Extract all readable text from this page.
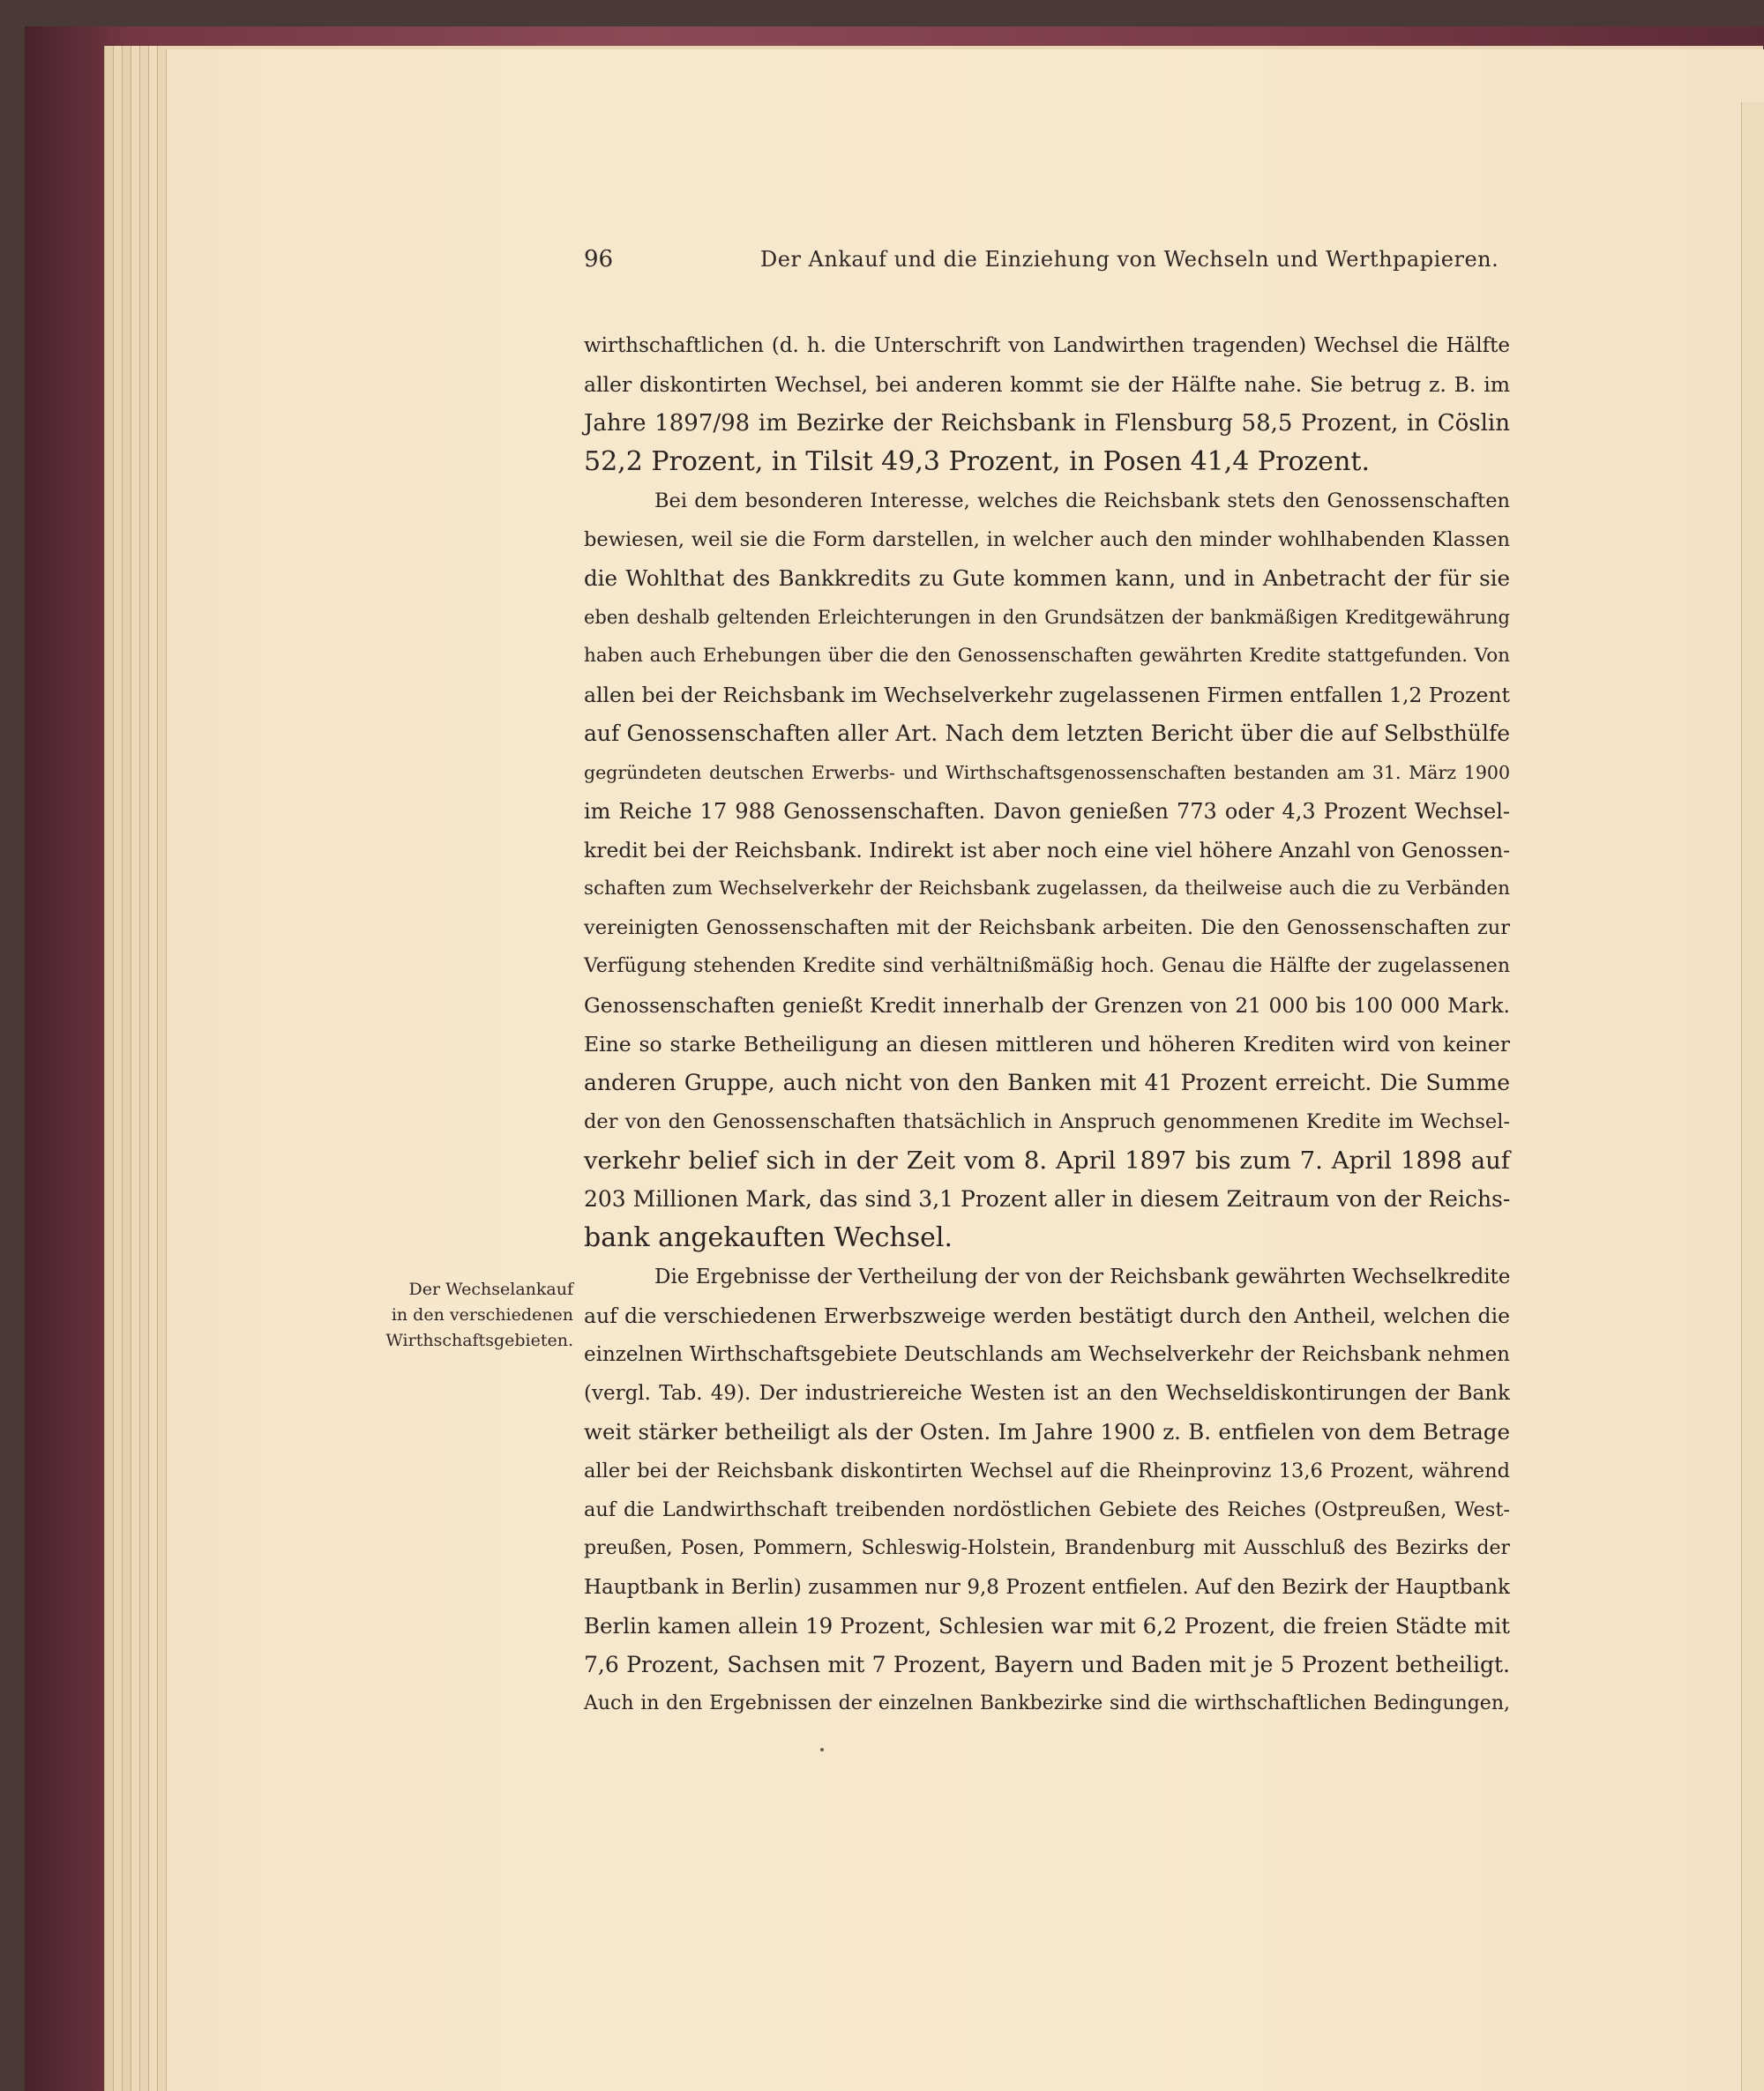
96	Der Ankauf und die Einziehung von Wechseln und Werthpapieren.
Der Wechselankauf
in den verschiedenen
Wirthschaftsgebieten.
wirthschaftlichen (d. h. die Unterschrift von Landwirthen tragenden) Wechsel die Hälfte
aller diskontirten Wechsel, bei anderen kommt sie der Hälfte nahe. Sie betrug z. B. im
Jahre 1897/98 im Bezirke der Reichsbank in Flensburg 58,5 Prozent, in Cöslin
52,2 Prozent, in Tilsit 49,3 Prozent, in Posen 41,4 Prozent.
Bei dem besonderen Interesse, welches die Reichsbank stets den Genossenschaften
bewiesen, weil sie die Form darstellen, in welcher auch den minder wohlhabenden Klassen
die Wohlthat des Bankkredits zu Gute kommen kann, und in Anbetracht der für sie
eben deshalb geltenden Erleichterungen in den Grundsätzen der bankmäßigen Kreditgewährung
haben auch Erhebungen über die den Genossenschaften gewährten Kredite stattgefunden. Von
allen bei der Reichsbank im Wechselverkehr zugelassenen Firmen entfallen 1,2 Prozent
auf Genossenschaften aller Art. Nach dem letzten Bericht über die auf Selbsthülfe
gegründeten deutschen Erwerbs- und Wirthschaftsgenossenschaften bestanden am 31. März 1900
im Reiche 17 988 Genossenschaften. Davon genießen 773 oder 4,3 Prozent Wechsel-
kredit bei der Reichsbank. Indirekt ist aber noch eine viel höhere Anzahl von Genossen-
schaften zum Wechselverkehr der Reichsbank zugelassen, da theilweise auch die zu Verbänden
vereinigten Genossenschaften mit der Reichsbank arbeiten. Die den Genossenschaften zur
Verfügung stehenden Kredite sind verhältnißmäßig hoch. Genau die Hälfte der zugelassenen
Genossenschaften genießt Kredit innerhalb der Grenzen von 21 000 bis 100 000 Mark.
Eine so starke Betheiligung an diesen mittleren und höheren Krediten wird von keiner
anderen Gruppe, auch nicht von den Banken mit 41 Prozent erreicht. Die Summe
der von den Genossenschaften thatsächlich in Anspruch genommenen Kredite im Wechsel-
verkehr belief sich in der Zeit vom 8. April 1897 bis zum 7. April 1898 auf
203 Millionen Mark, das sind 3,1 Prozent aller in diesem Zeitraum von der Reichs-
bank angekauften Wechsel.
Die Ergebnisse der Vertheilung der von der Reichsbank gewährten Wechselkredite
auf die verschiedenen Erwerbszweige werden bestätigt durch den Antheil, welchen die
einzelnen Wirthschaftsgebiete Deutschlands am Wechselverkehr der Reichsbank nehmen
(vergl. Tab. 49). Der industriereiche Westen ist an den Wechseldiskontirungen der Bank
weit stärker betheiligt als der Osten. Im Jahre 1900 z. B. entfielen von dem Betrage
aller bei der Reichsbank diskontirten Wechsel auf die Rheinprovinz 13,6 Prozent, während
auf die Landwirthschaft treibenden nordöstlichen Gebiete des Reiches (Ostpreußen, West-
preußen, Posen, Pommern, Schleswig-Holstein, Brandenburg mit Ausschluß des Bezirks der
Hauptbank in Berlin) zusammen nur 9,8 Prozent entfielen. Auf den Bezirk der Hauptbank
Berlin kamen allein 19 Prozent, Schlesien war mit 6,2 Prozent, die freien Städte mit
7,6 Prozent, Sachsen mit 7 Prozent, Bayern und Baden mit je 5 Prozent betheiligt.
Auch in den Ergebnissen der einzelnen Bankbezirke sind die wirthschaftlichen Bedingungen,
